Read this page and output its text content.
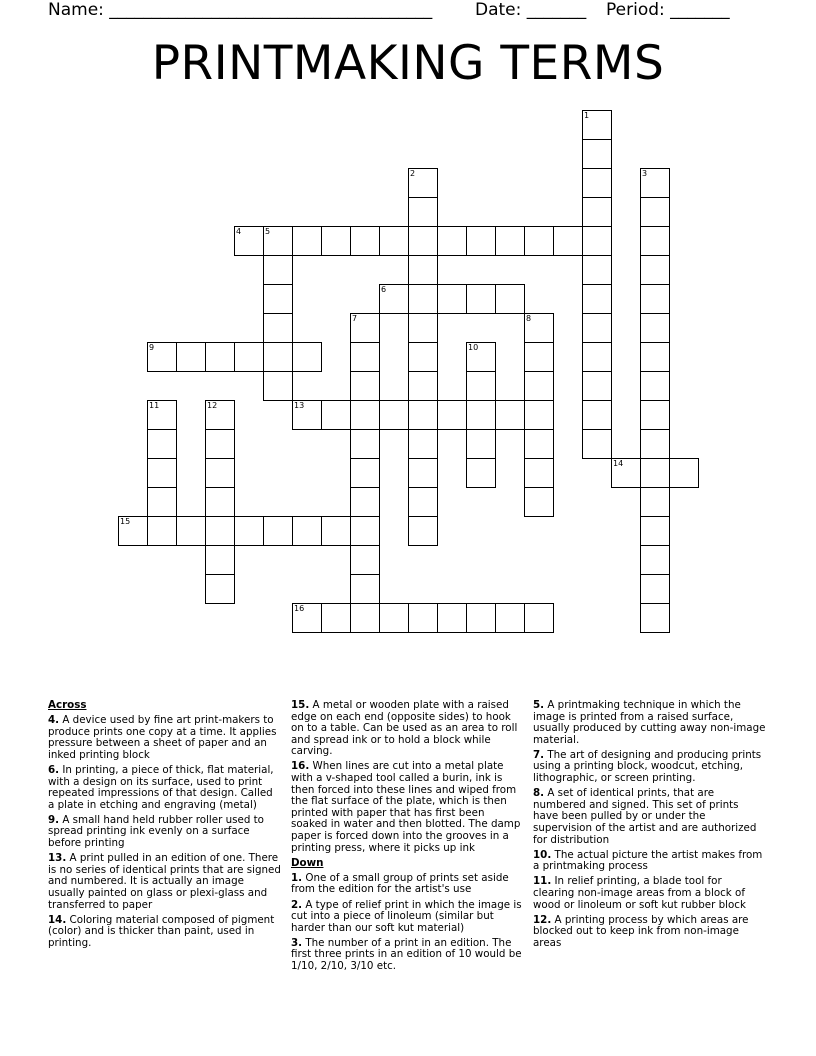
Name: ______________________________________	Date: _______ Period: _______
PRINTMAKING TERMS
1
2	3
4	5
6
7	8
9	10
11	12	13
14
15
16

Across

4. A device used by fine art print-makers to produce prints one copy at a time. It applies pressure between a sheet of paper and an inked printing block

6. In printing, a piece of thick, flat material, with a design on its surface, used to print repeated impressions of that design. Called a plate in etching and engraving (metal)

9. A small hand held rubber roller used to spread printing ink evenly on a surface before printing

13. A print pulled in an edition of one. There is no series of identical prints that are signed and numbered. It is actually an image usually painted on glass or plexi-glass and transferred to paper

14. Coloring material composed of pigment (color) and is thicker than paint, used in printing.

15. A metal or wooden plate with a raised edge on each end (opposite sides) to hook on to a table. Can be used as an area to roll and spread ink or to hold a block while carving.

16. When lines are cut into a metal plate with a v-shaped tool called a burin, ink is then forced into these lines and wiped from the flat surface of the plate, which is then printed with paper that has first been soaked in water and then blotted. The damp paper is forced down into the grooves in a printing press, where it picks up ink

Down

1. One of a small group of prints set aside from the edition for the artist's use

2. A type of relief print in which the image is cut into a piece of linoleum (similar but harder than our soft kut material)

3. The number of a print in an edition. The first three prints in an edition of 10 would be 1/10, 2/10, 3/10 etc.

5. A printmaking technique in which the image is printed from a raised surface, usually produced by cutting away non-image material.

7. The art of designing and producing prints using a printing block, woodcut, etching, lithographic, or screen printing.

8. A set of identical prints, that are numbered and signed. This set of prints have been pulled by or under the supervision of the artist and are authorized for distribution

10. The actual picture the artist makes from a printmaking process

11. In relief printing, a blade tool for clearing non-image areas from a block of wood or linoleum or soft kut rubber block

12. A printing process by which areas are blocked out to keep ink from non-image areas
